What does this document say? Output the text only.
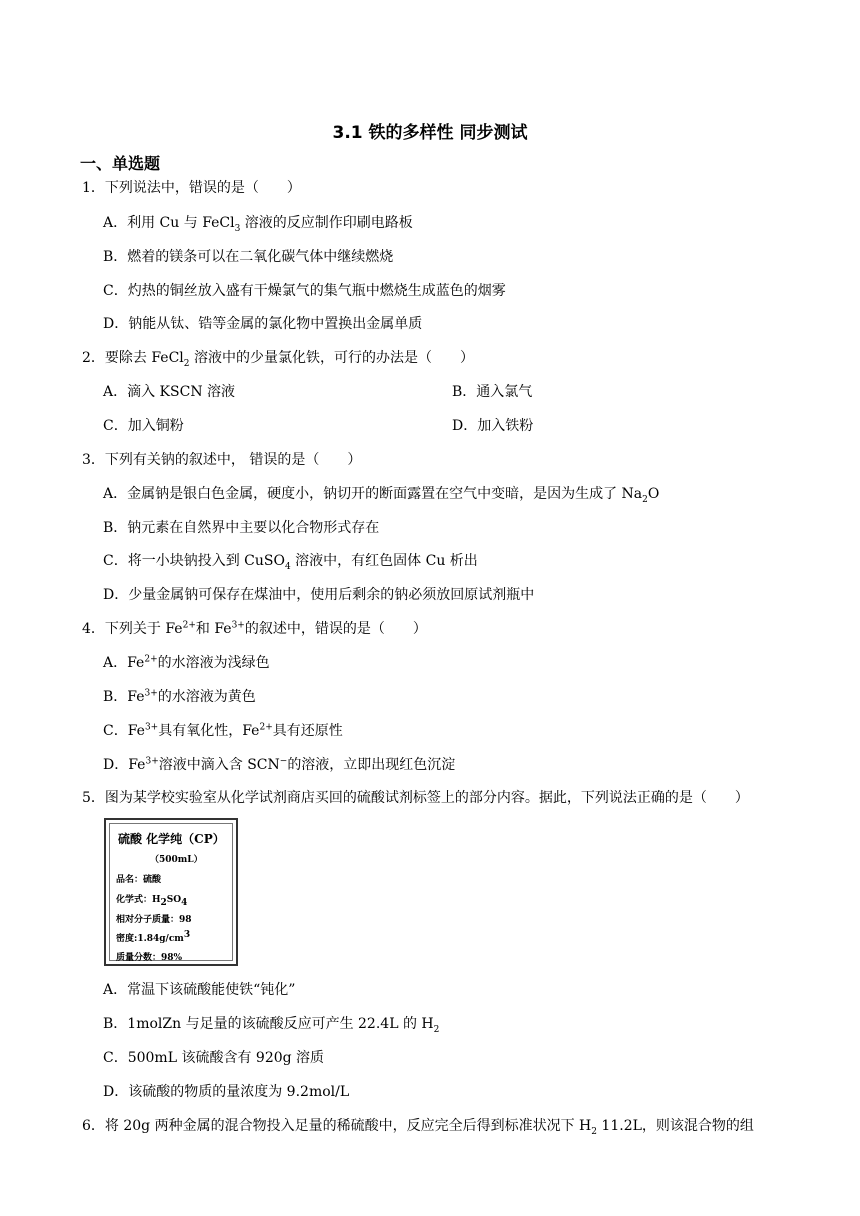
3.1 铁的多样性 同步测试
一、单选题
1．下列说法中，错误的是（　　）
A．利用 Cu 与 FeCl$_3$ 溶液的反应制作印刷电路板
B．燃着的镁条可以在二氧化碳气体中继续燃烧
C．灼热的铜丝放入盛有干燥氯气的集气瓶中燃烧生成蓝色的烟雾
D．钠能从钛、锆等金属的氯化物中置换出金属单质
2．要除去 FeCl$_2$ 溶液中的少量氯化铁，可行的办法是（　　）
A．滴入 KSCN 溶液	B．通入氯气
C．加入铜粉	D．加入铁粉
3．下列有关钠的叙述中， 错误的是（　　）
A．金属钠是银白色金属，硬度小，钠切开的断面露置在空气中变暗，是因为生成了 $Na_2O$
B．钠元素在自然界中主要以化合物形式存在
C．将一小块钠投入到 CuSO$_4$ 溶液中，有红色固体 Cu 析出
D．少量金属钠可保存在煤油中，使用后剩余的钠必须放回原试剂瓶中
4．下列关于 $Fe^{2+}$和 $Fe^{3+}$的叙述中，错误的是（　　）
A．$Fe^{2+}$的水溶液为浅绿色
B．$Fe^{3+}$的水溶液为黄色
C．$Fe^{3+}$具有氧化性，$Fe^{2+}$具有还原性
D．$Fe^{3+}$溶液中滴入含 SCN−的溶液，立即出现红色沉淀
5．图为某学校实验室从化学试剂商店买回的硫酸试剂标签上的部分内容。据此，下列说法正确的是（　　）
硫酸 化学纯（CP）
（500mL）
品名：硫酸
化学式：$H_2SO_4$
相对分子质量：98
密度$:1.84g/cm^3$
质量分数：98%
A．常温下该硫酸能使铁“钝化”
B．1molZn 与足量的该硫酸反应可产生 22.4L 的 $H_2$
C．500mL 该硫酸含有 920g 溶质
D．该硫酸的物质的量浓度为 9.2mol/L
6．将 20g 两种金属的混合物投入足量的稀硫酸中，反应完全后得到标准状况下 $H_2$ 11.2L，则该混合物的组
